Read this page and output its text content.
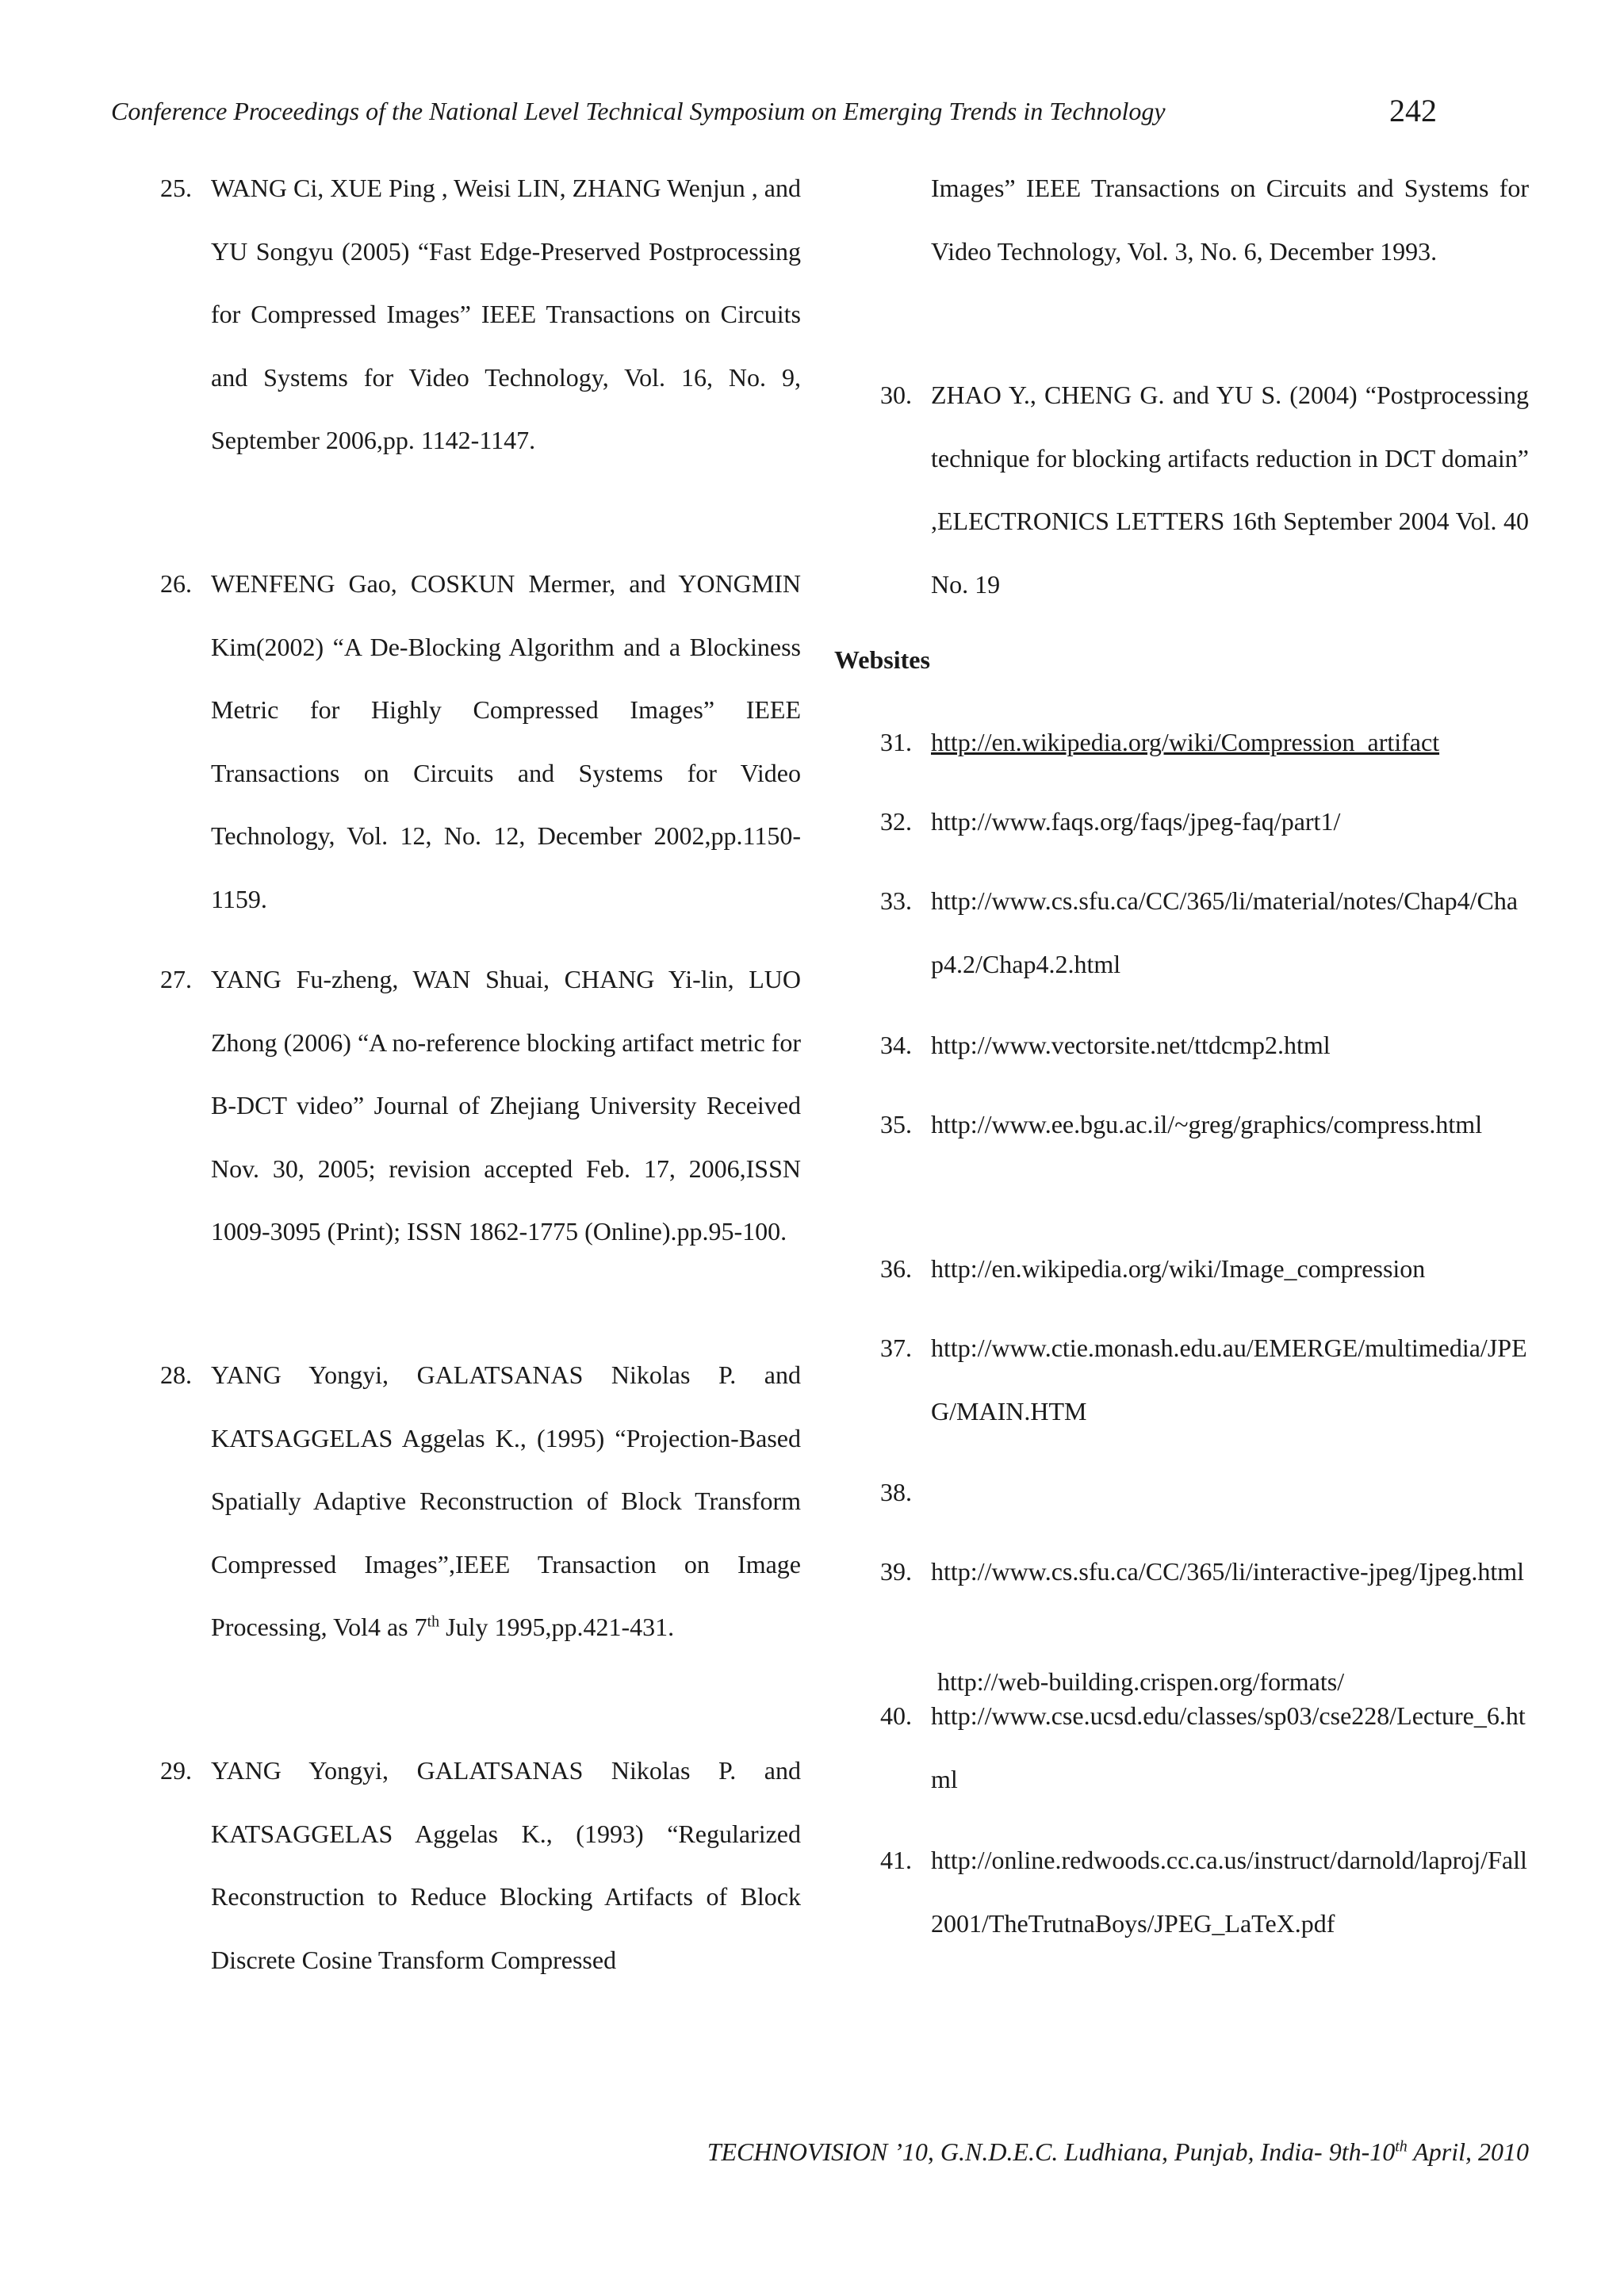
Conference Proceedings of the National Level Technical Symposium on Emerging Trends in Technology	242
25. WANG Ci, XUE Ping , Weisi LIN, ZHANG Wenjun , and YU Songyu (2005) “Fast Edge-Preserved Postprocessing for Compressed Images” IEEE Transactions on Circuits and Systems for Video Technology, Vol. 16, No. 9, September 2006,pp. 1142-1147.
26. WENFENG Gao, COSKUN Mermer, and YONGMIN Kim(2002) “A De-Blocking Algorithm and a Blockiness Metric for Highly Compressed Images” IEEE Transactions on Circuits and Systems for Video Technology, Vol. 12, No. 12, December 2002,pp.1150-1159.
27. YANG Fu-zheng, WAN Shuai, CHANG Yi-lin, LUO Zhong (2006) “A no-reference blocking artifact metric for B-DCT video” Journal of Zhejiang University Received Nov. 30, 2005; revision accepted Feb. 17, 2006,ISSN 1009-3095 (Print); ISSN 1862-1775 (Online).pp.95-100.
28. YANG Yongyi, GALATSANAS Nikolas P. and KATSAGGELAS Aggelas K., (1995) “Projection-Based Spatially Adaptive Reconstruction of Block Transform Compressed Images”,IEEE Transaction on Image Processing, Vol4 as 7th July 1995,pp.421-431.
29. YANG Yongyi, GALATSANAS Nikolas P. and KATSAGGELAS Aggelas K., (1993) “Regularized Reconstruction to Reduce Blocking Artifacts of Block Discrete Cosine Transform Compressed
Images” IEEE Transactions on Circuits and Systems for Video Technology, Vol. 3, No. 6, December 1993.
30. ZHAO Y., CHENG G. and YU S. (2004) “Postprocessing technique for blocking artifacts reduction in DCT domain” ,ELECTRONICS LETTERS 16th September 2004 Vol. 40 No. 19
Websites
31. http://en.wikipedia.org/wiki/Compression_artifact
32. http://www.faqs.org/faqs/jpeg-faq/part1/
33. http://www.cs.sfu.ca/CC/365/li/material/notes/Chap4/Chap4.2/Chap4.2.html
34. http://www.vectorsite.net/ttdcmp2.html
35. http://www.ee.bgu.ac.il/~greg/graphics/compress.html
36. http://en.wikipedia.org/wiki/Image_compression
37. http://www.ctie.monash.edu.au/EMERGE/multimedia/JPEG/MAIN.HTM

38.

http://web-building.crispen.org/formats/

39. http://www.cs.sfu.ca/CC/365/li/interactive-jpeg/Ijpeg.html
40. http://www.cse.ucsd.edu/classes/sp03/cse228/Lecture_6.html
41. http://online.redwoods.cc.ca.us/instruct/darnold/laproj/Fall2001/TheTrutnaBoys/JPEG_LaTeX.pdf
TECHNOVISION ’10, G.N.D.E.C. Ludhiana, Punjab, India- 9th-10th April, 2010
